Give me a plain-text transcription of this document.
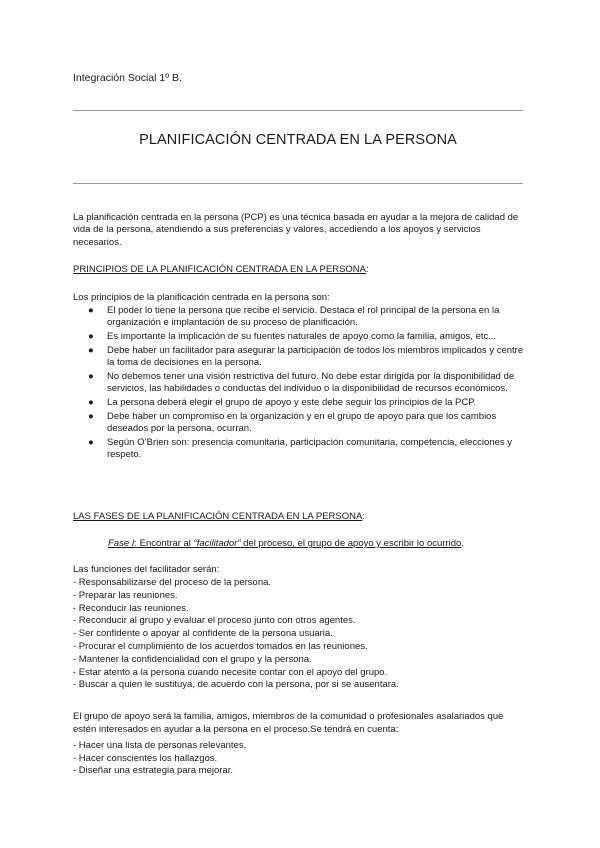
Integración Social 1º B.

PLANIFICACIÓN CENTRADA EN LA PERSONA

La planificación centrada en la persona (PCP) es una técnica basada en ayudar a la mejora de calidad de vida de la persona, atendiendo a sus preferencias y valores, accediendo a los apoyos y servicios necesarios.

PRINCIPIOS DE LA PLANIFICACIÓN CENTRADA EN LA PERSONA:

Los principios de la planificación centrada en la persona son:

● El poder lo tiene la persona que recibe el servicio. Destaca el rol principal de la persona en la organización e implantación de su proceso de planificación.
● Es importante la implicación de su fuentes naturales de apoyo como la familia, amigos, etc...
● Debe haber un facilitador para asegurar la participación de todos los miembros implicados y centre la toma de decisiones en la persona.
● No debemos tener una visión restrictiva del futuro. No debe estar dirigida por la disponibilidad de servicios, las habilidades o conductas del individuo o la disponibilidad de recursos económicos.
● La persona deberá elegir el grupo de apoyo y este debe seguir los principios de la PCP.
● Debe haber un compromiso en la organización y en el grupo de apoyo para que los cambios deseados por la persona, ocurran.
● Según O’Brien son: presencia comunitaria, participación comunitaria, competencia, elecciones y respeto.

LAS FASES DE LA PLANIFICACIÓN CENTRADA EN LA PERSONA:

Fase I: Encontrar al “facilitador” del proceso, el grupo de apoyo y escribir lo ocurrido.

Las funciones del facilitador serán:

- Responsabilizarse del proceso de la persona.
- Preparar las reuniones.
- Reconducir las reuniones.
- Reconducir al grupo y evaluar el proceso junto con otros agentes.
- Ser confidente o apoyar al confidente de la persona usuaria.
- Procurar el cumplimiento de los acuerdos tomados en las reuniones.
- Mantener la confidencialidad con el grupo y la persona.
- Estar atento a la persona cuando necesite contar con el apoyo del grupo.
- Buscar a quien le sustituya, de acuerdo con la persona, por si se ausentara.

El grupo de apoyo será la familia, amigos, miembros de la comunidad o profesionales asalariados que estén interesados en ayudar a la persona en el proceso.Se tendrá en cuenta:

- Hacer una lista de personas relevantes.
- Hacer conscientes los hallazgos.
- Diseñar una estrategia para mejorar.
